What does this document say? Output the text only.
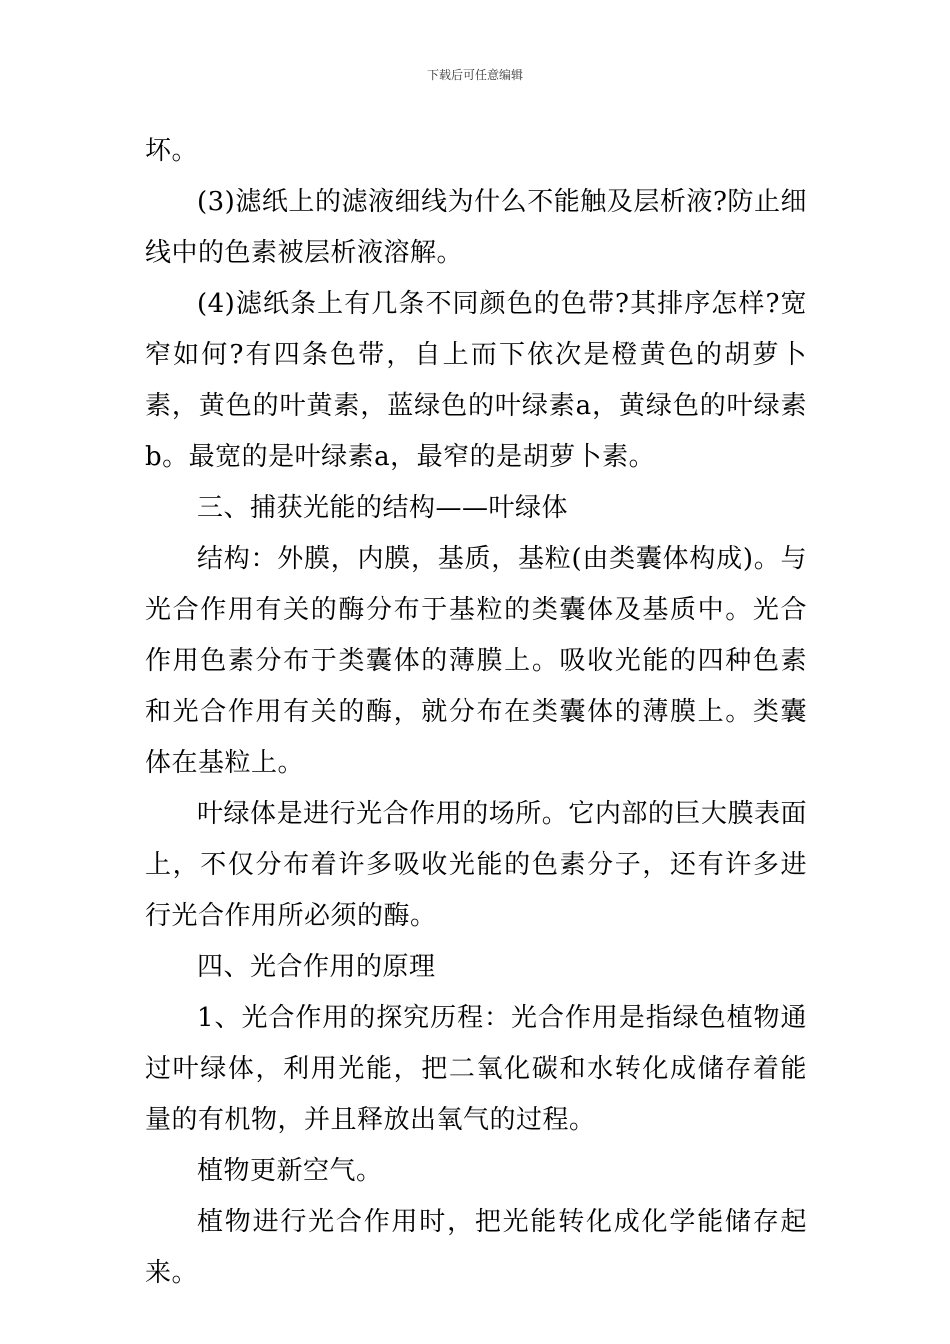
下载后可任意编辑

坏。

(3)滤纸上的滤液细线为什么不能触及层析液?防止细线中的色素被层析液溶解。

(4)滤纸条上有几条不同颜色的色带?其排序怎样?宽窄如何?有四条色带，自上而下依次是橙黄色的胡萝卜素，黄色的叶黄素，蓝绿色的叶绿素a，黄绿色的叶绿素b。最宽的是叶绿素a，最窄的是胡萝卜素。

三、捕获光能的结构——叶绿体

结构：外膜，内膜，基质，基粒(由类囊体构成)。与光合作用有关的酶分布于基粒的类囊体及基质中。光合作用色素分布于类囊体的薄膜上。吸收光能的四种色素和光合作用有关的酶，就分布在类囊体的薄膜上。类囊体在基粒上。

叶绿体是进行光合作用的场所。它内部的巨大膜表面上，不仅分布着许多吸收光能的色素分子，还有许多进行光合作用所必须的酶。

四、光合作用的原理

1、光合作用的探究历程：光合作用是指绿色植物通过叶绿体，利用光能，把二氧化碳和水转化成储存着能量的有机物，并且释放出氧气的过程。

植物更新空气。

植物进行光合作用时，把光能转化成化学能储存起来。
